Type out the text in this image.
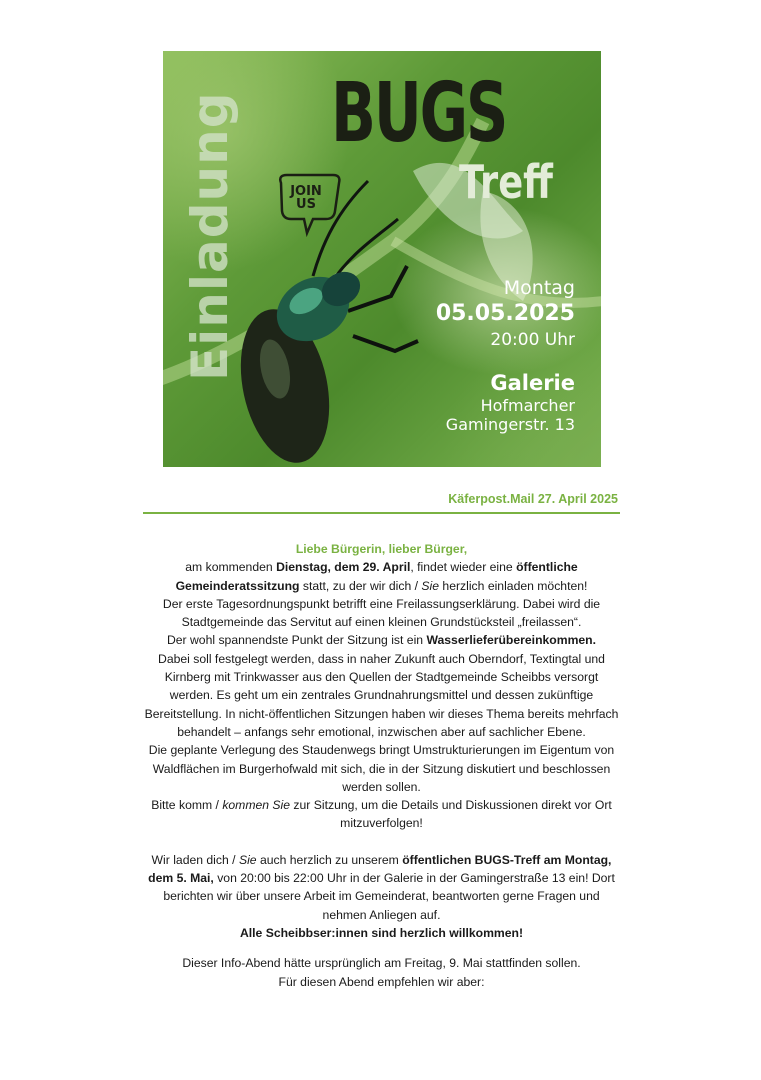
Einladung BUGS
Treff
JOIN
US
Montag
05.05.2025
20:00 Uhr
Galerie
Hofmarcher
Gamingerstr. 13
Käferpost.Mail 27. April 2025

Liebe Bürgerin, lieber Bürger,

am kommenden Dienstag, dem 29. April, findet wieder eine öffentliche Gemeinderatssitzung statt, zu der wir dich / Sie herzlich einladen möchten!
Der erste Tagesordnungspunkt betrifft eine Freilassungserklärung. Dabei wird die Stadtgemeinde das Servitut auf einen kleinen Grundstücksteil „freilassen“.
Der wohl spannendste Punkt der Sitzung ist ein Wasserlieferübereinkommen.
Dabei soll festgelegt werden, dass in naher Zukunft auch Oberndorf, Textingtal und Kirnberg mit Trinkwasser aus den Quellen der Stadtgemeinde Scheibbs versorgt werden. Es geht um ein zentrales Grundnahrungsmittel und dessen zukünftige Bereitstellung. In nicht-öffentlichen Sitzungen haben wir dieses Thema bereits mehrfach behandelt – anfangs sehr emotional, inzwischen aber auf sachlicher Ebene.
Die geplante Verlegung des Staudenwegs bringt Umstrukturierungen im Eigentum von Waldflächen im Burgerhofwald mit sich, die in der Sitzung diskutiert und beschlossen werden sollen.
Bitte komm / kommen Sie zur Sitzung, um die Details und Diskussionen direkt vor Ort mitzuverfolgen!

Wir laden dich / Sie auch herzlich zu unserem öffentlichen BUGS-Treff am Montag, dem 5. Mai, von 20:00 bis 22:00 Uhr in der Galerie in der Gamingerstraße 13 ein! Dort berichten wir über unsere Arbeit im Gemeinderat, beantworten gerne Fragen und nehmen Anliegen auf.
Alle Scheibbser:innen sind herzlich willkommen!

Dieser Info-Abend hätte ursprünglich am Freitag, 9. Mai stattfinden sollen.
Für diesen Abend empfehlen wir aber:
